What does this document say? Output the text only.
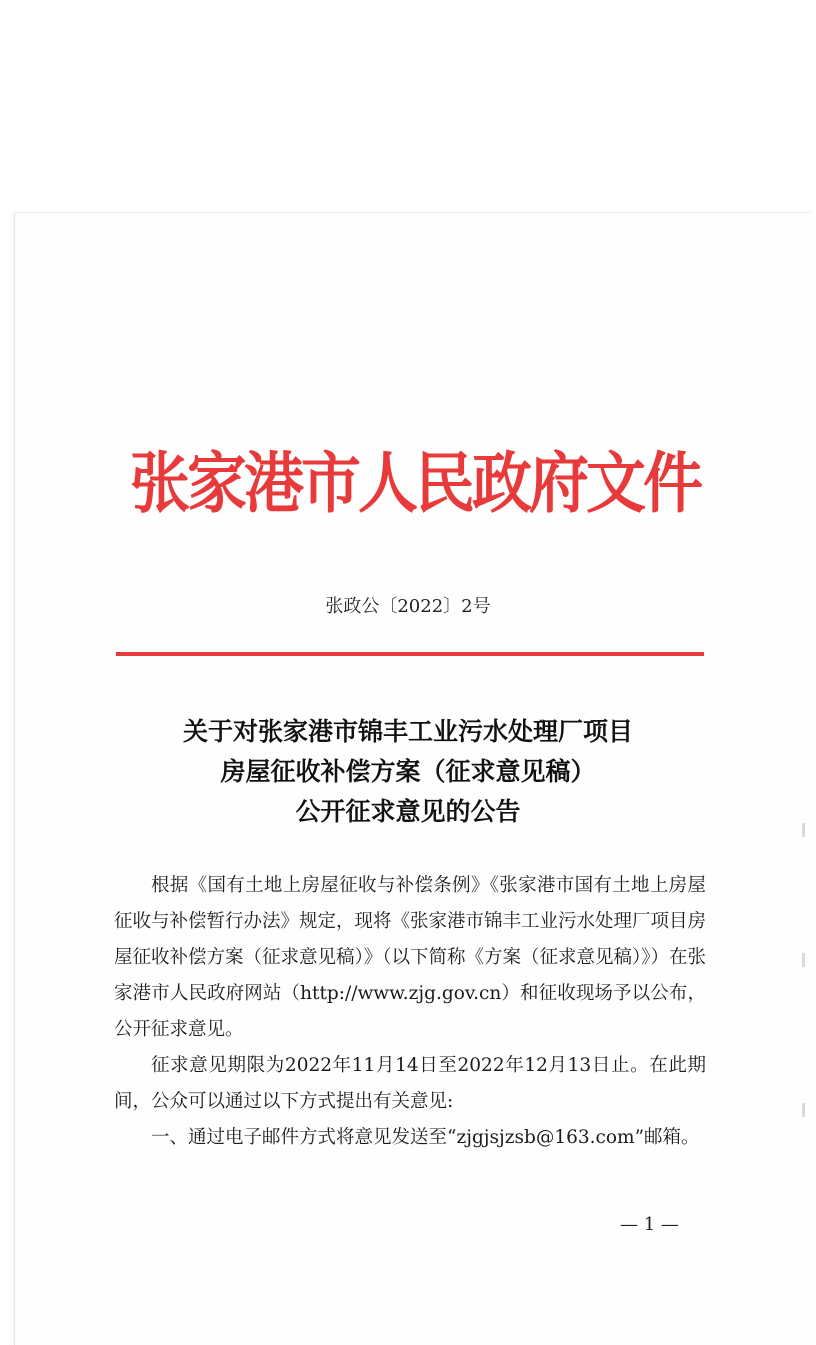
张家港市人民政府文件
张政公〔2022〕2号
关于对张家港市锦丰工业污水处理厂项目
房屋征收补偿方案（征求意见稿）
公开征求意见的公告

根据《国有土地上房屋征收与补偿条例》《张家港市国有土地上房屋征收与补偿暂行办法》规定，现将《张家港市锦丰工业污水处理厂项目房屋征收补偿方案（征求意见稿）》（以下简称《方案（征求意见稿）》）在张家港市人民政府网站（http://www.zjg.gov.cn）和征收现场予以公布，公开征求意见。

征求意见期限为2022年11月14日至2022年12月13日止。在此期间，公众可以通过以下方式提出有关意见:

一、通过电子邮件方式将意见发送至“zjgjsjzsb@163.com”邮箱。

— 1 —
